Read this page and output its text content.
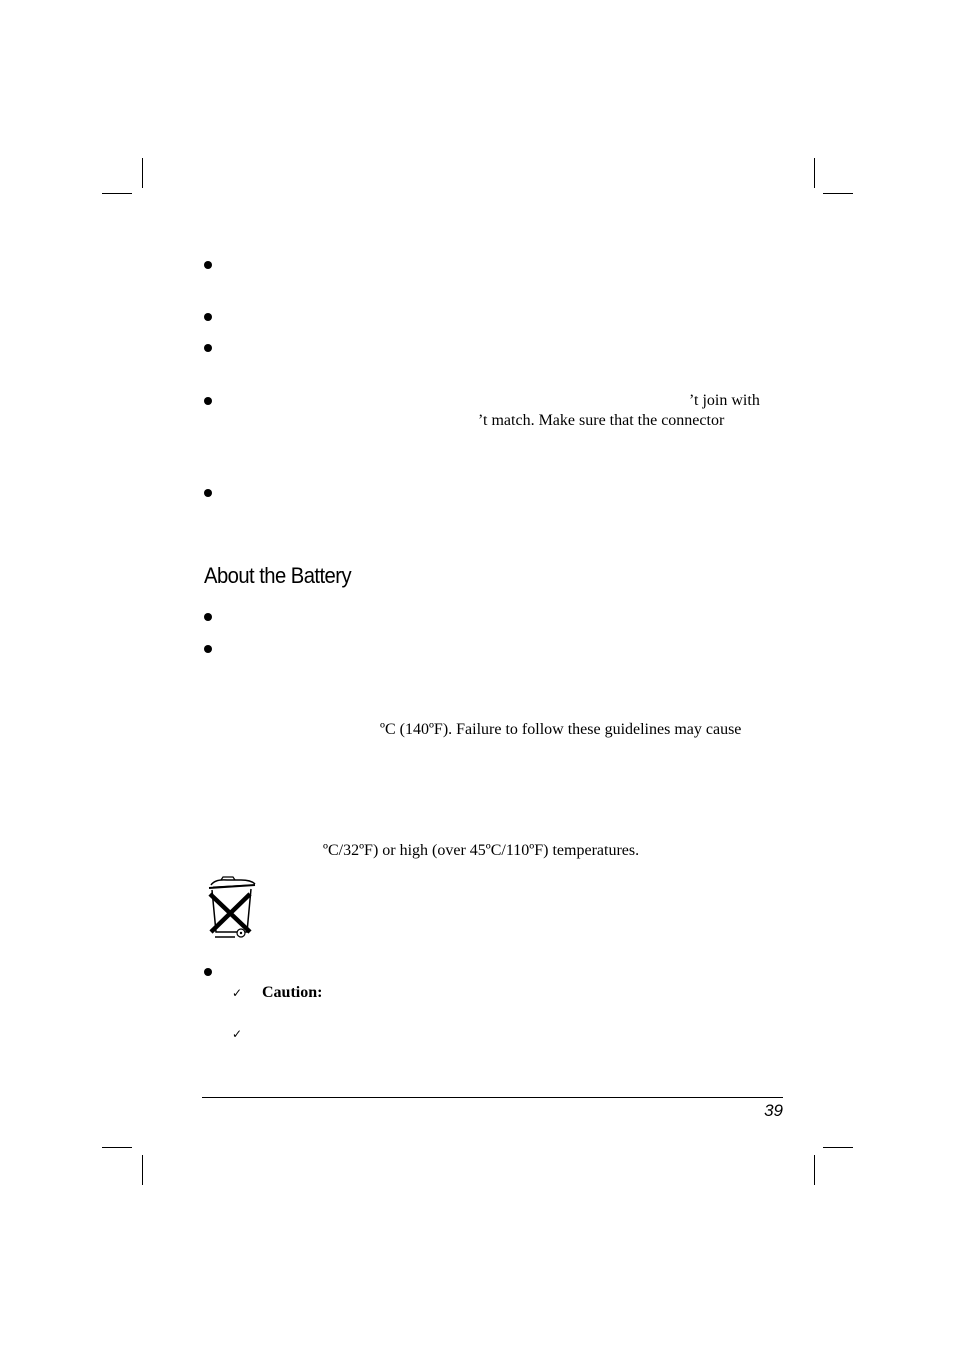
’t join with
’t match. Make sure that the connector
About the Battery
ºC (140ºF). Failure to follow these guidelines may cause
ºC/32ºF) or high (over 45ºC/110ºF) temperatures.
✓ Caution:
✓
39
